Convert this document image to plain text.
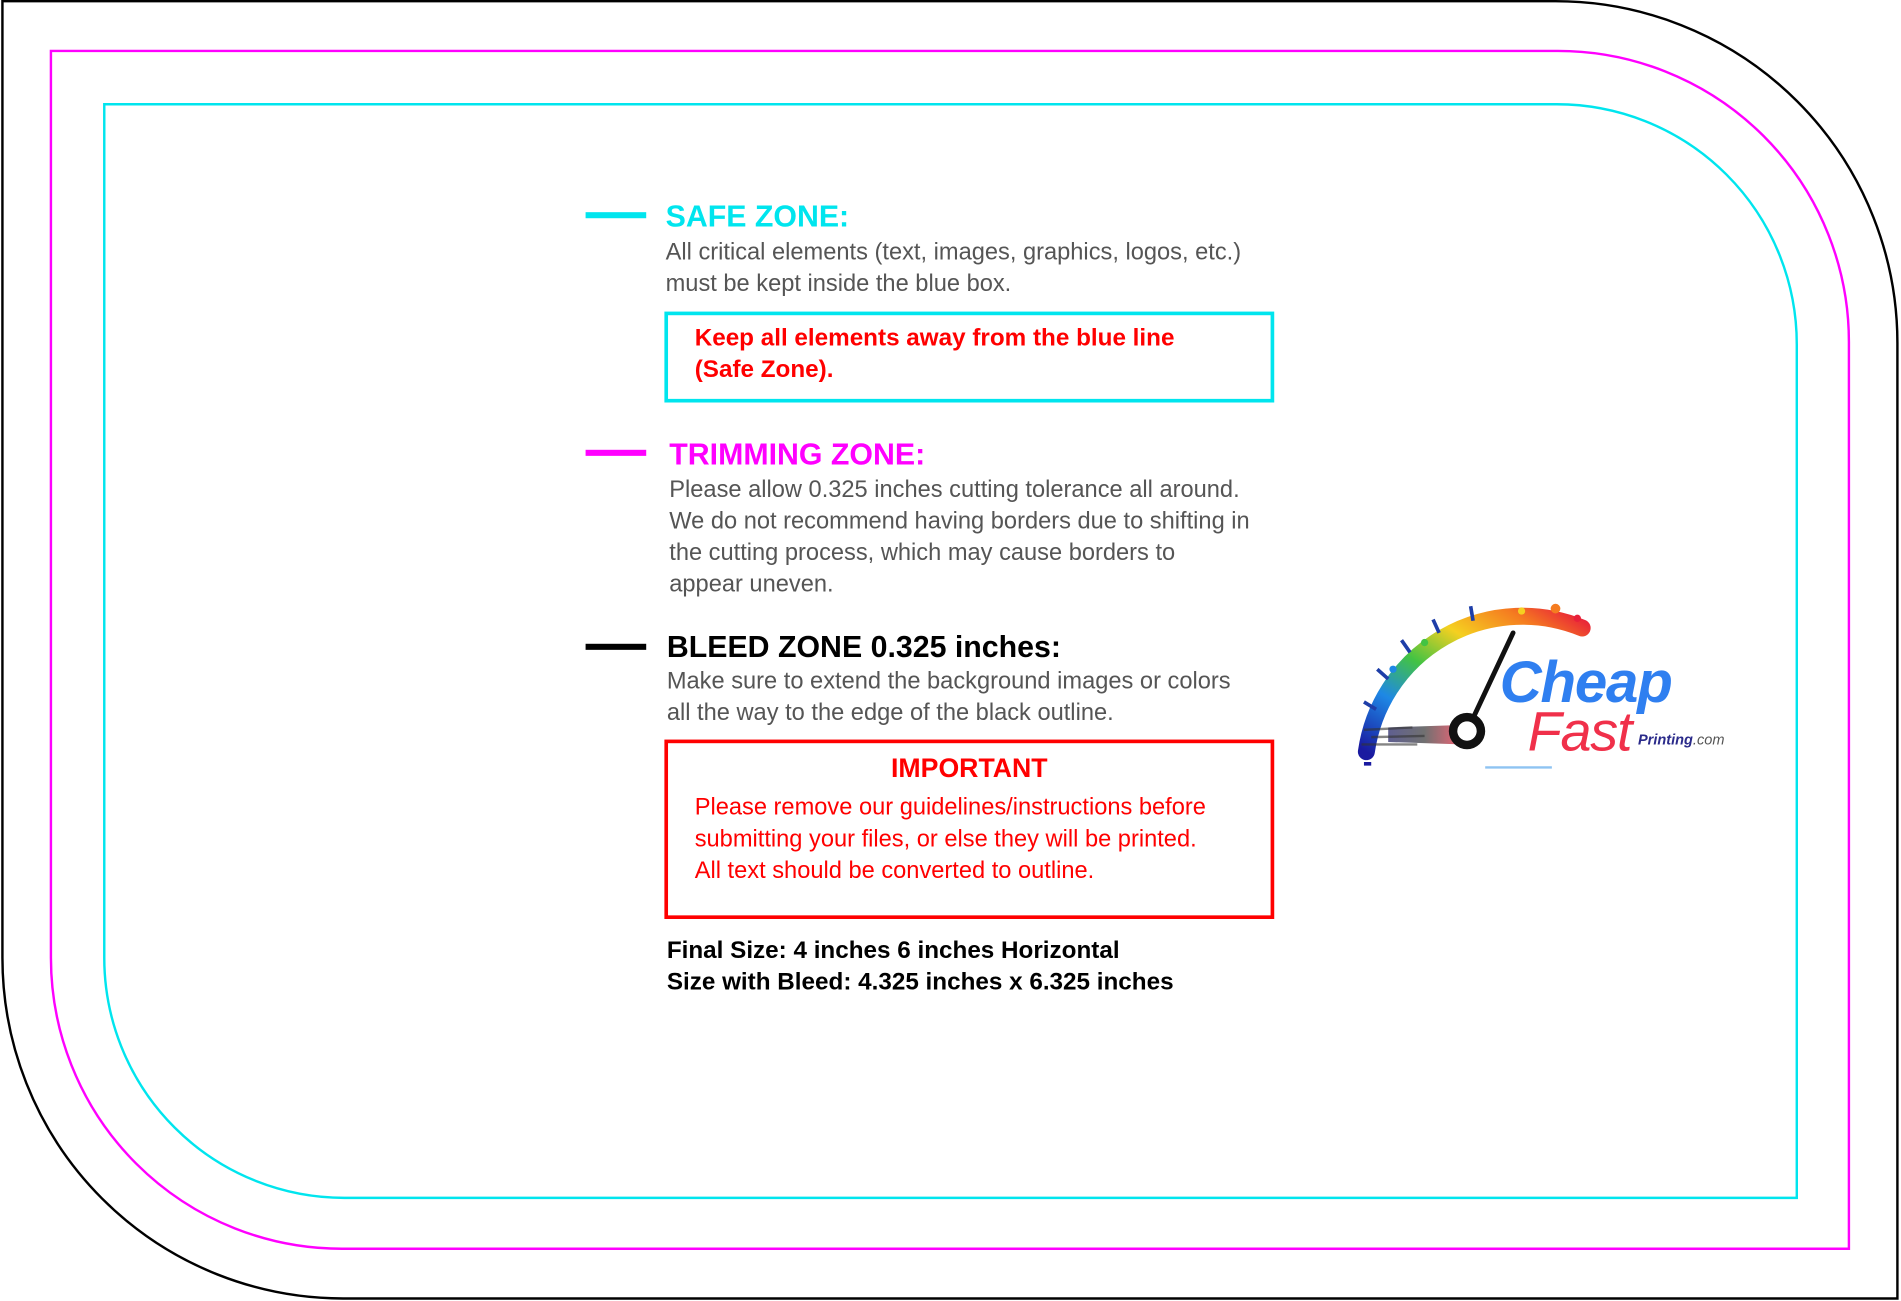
SAFE ZONE:

All critical elements (text, images, graphics, logos, etc.)
must be kept inside the blue box.

Keep all elements away from the blue line
(Safe Zone).
TRIMMING ZONE:

Please allow 0.325 inches cutting tolerance all around.
We do not recommend having borders due to shifting in
the cutting process, which may cause borders to
appear uneven.

BLEED ZONE 0.325 inches:

Make sure to extend the background images or colors
all the way to the edge of the black outline.

IMPORTANT
Please remove our guidelines/instructions before
submitting your files, or else they will be printed.
All text should be converted to outline.
Final Size: 4 inches 6 inches Horizontal
Size with Bleed: 4.325 inches x 6.325 inches
Cheap
Fast Printing.com
